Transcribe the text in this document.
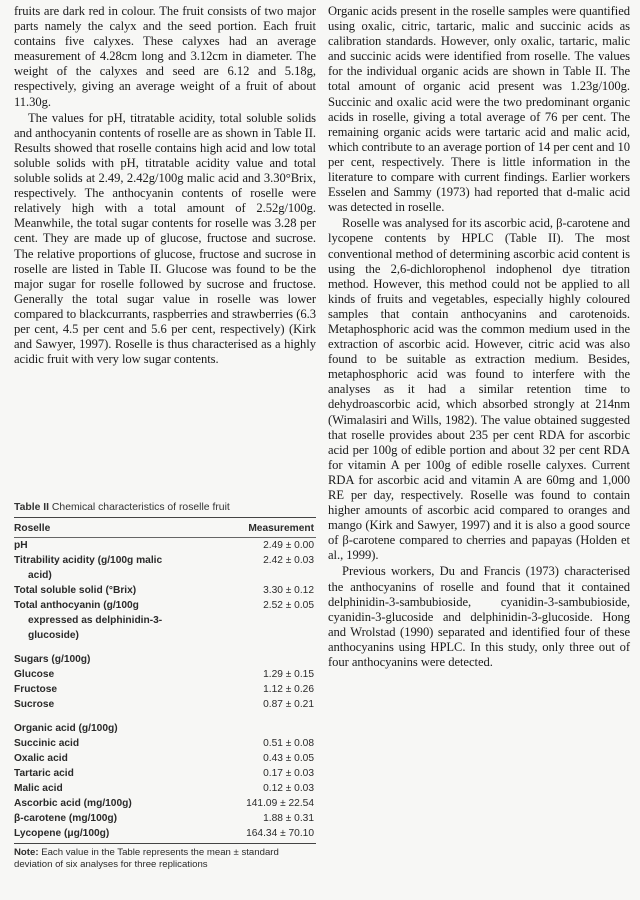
fruits are dark red in colour. The fruit consists of two major parts namely the calyx and the seed portion. Each fruit contains five calyxes. These calyxes had an average measurement of 4.28cm long and 3.12cm in diameter. The weight of the calyxes and seed are 6.12 and 5.18g, respectively, giving an average weight of a fruit of about 11.30g.

The values for pH, titratable acidity, total soluble solids and anthocyanin contents of roselle are as shown in Table II. Results showed that roselle contains high acid and low total soluble solids with pH, titratable acidity value and total soluble solids at 2.49, 2.42g/100g malic acid and 3.30°Brix, respectively. The anthocyanin contents of roselle were relatively high with a total amount of 2.52g/100g. Meanwhile, the total sugar contents for roselle was 3.28 per cent. They are made up of glucose, fructose and sucrose. The relative proportions of glucose, fructose and sucrose in roselle are listed in Table II. Glucose was found to be the major sugar for roselle followed by sucrose and fructose. Generally the total sugar value in roselle was lower compared to blackcurrants, raspberries and strawberries (6.3 per cent, 4.5 per cent and 5.6 per cent, respectively) (Kirk and Sawyer, 1997). Roselle is thus characterised as a highly acidic fruit with very low sugar contents.

Table II Chemical characteristics of roselle fruit
Roselle	Measurement
pH	2.49 ± 0.00
Titrability acidity (g/100g malic	2.42 ± 0.03
acid)	
Total soluble solid (°Brix)	3.30 ± 0.12
Total anthocyanin (g/100g	2.52 ± 0.05
expressed as delphinidin-3-	
glucoside)	

Sugars (g/100g)	
Glucose	1.29 ± 0.15
Fructose	1.12 ± 0.26
Sucrose	0.87 ± 0.21

Organic acid (g/100g)	
Succinic acid	0.51 ± 0.08
Oxalic acid	0.43 ± 0.05
Tartaric acid	0.17 ± 0.03
Malic acid	0.12 ± 0.03
Ascorbic acid (mg/100g)	141.09 ± 22.54
β-carotene (mg/100g)	1.88 ± 0.31
Lycopene (μg/100g)	164.34 ± 70.10
Note: Each value in the Table represents the mean ± standard deviation of six analyses for three replications

Organic acids present in the roselle samples were quantified using oxalic, citric, tartaric, malic and succinic acids as calibration standards. However, only oxalic, tartaric, malic and succinic acids were identified from roselle. The values for the individual organic acids are shown in Table II. The total amount of organic acid present was 1.23g/100g. Succinic and oxalic acid were the two predominant organic acids in roselle, giving a total average of 76 per cent. The remaining organic acids were tartaric acid and malic acid, which contribute to an average portion of 14 per cent and 10 per cent, respectively. There is little information in the literature to compare with current findings. Earlier workers Esselen and Sammy (1973) had reported that d-malic acid was detected in roselle.

Roselle was analysed for its ascorbic acid, β-carotene and lycopene contents by HPLC (Table II). The most conventional method of determining ascorbic acid content is using the 2,6-dichlorophenol indophenol dye titration method. However, this method could not be applied to all kinds of fruits and vegetables, especially highly coloured samples that contain anthocyanins and carotenoids. Metaphosphoric acid was the common medium used in the extraction of ascorbic acid. However, citric acid was also found to be suitable as extraction medium. Besides, metaphosphoric acid was found to interfere with the analyses as it had a similar retention time to dehydroascorbic acid, which absorbed strongly at 214nm (Wimalasiri and Wills, 1982). The value obtained suggested that roselle provides about 235 per cent RDA for ascorbic acid per 100g of edible portion and about 32 per cent RDA for vitamin A per 100g of edible roselle calyxes. Current RDA for ascorbic acid and vitamin A are 60mg and 1,000 RE per day, respectively. Roselle was found to contain higher amounts of ascorbic acid compared to oranges and mango (Kirk and Sawyer, 1997) and it is also a good source of β-carotene compared to cherries and papayas (Holden et al., 1999).

Previous workers, Du and Francis (1973) characterised the anthocyanins of roselle and found that it contained delphinidin-3-sambubioside, cyanidin-3-sambubioside, cyanidin-3-glucoside and delphinidin-3-glucoside. Hong and Wrolstad (1990) separated and identified four of these anthocyanins using HPLC. In this study, only three out of four anthocyanins were detected.
